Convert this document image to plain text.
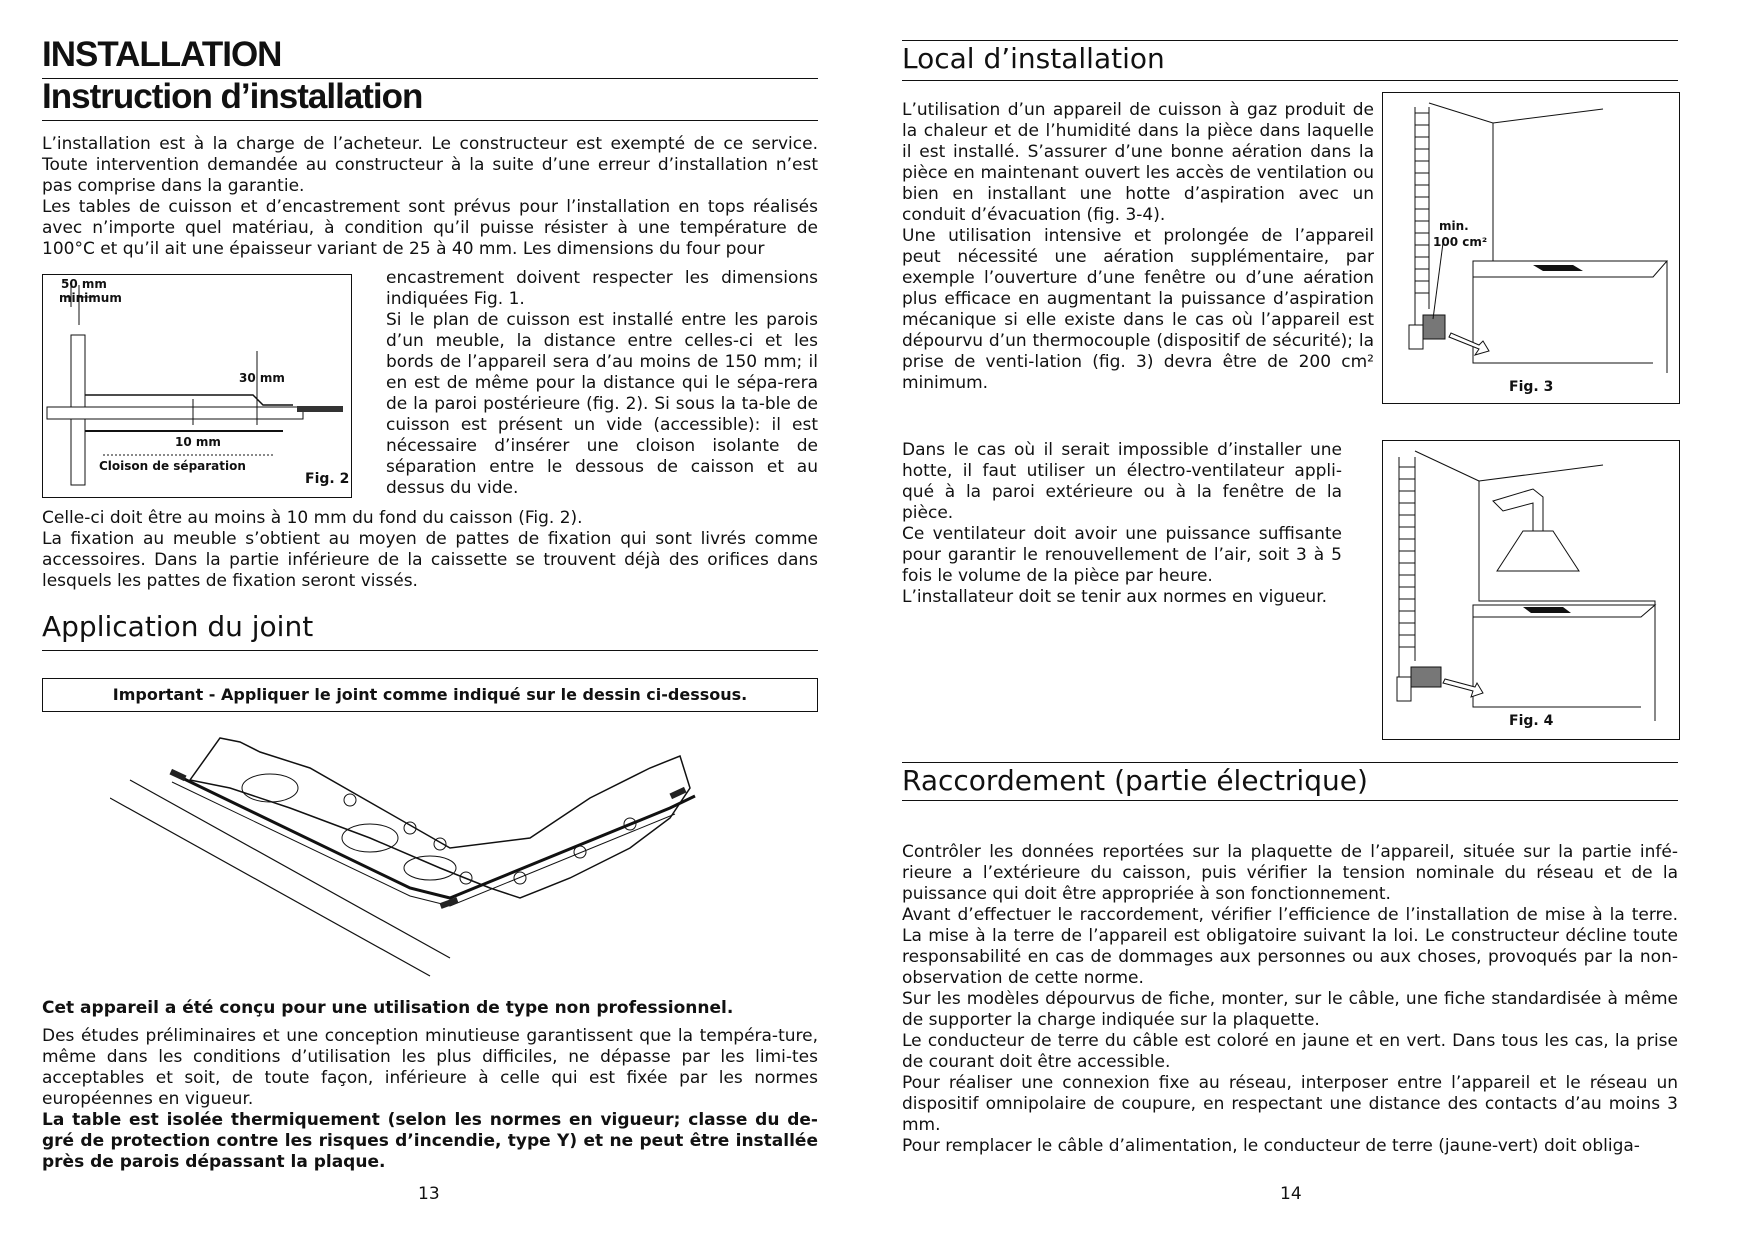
INSTALLATION
Instruction d’installation

L’installation est à la charge de l’acheteur. Le constructeur est exempté de ce service. Toute intervention demandée au constructeur à la suite d’une erreur d’installation n’est pas comprise dans la garantie.

Les tables de cuisson et d’encastrement sont prévus pour l’installation en tops réalisés avec n’importe quel matériau, à condition qu’il puisse résister à une température de 100°C et qu’il ait une épaisseur variant de 25 à 40 mm. Les dimensions du four pour

50 mm
minimum
30 mm
10 mm
Cloison de séparation
Fig. 2

encastrement doivent respecter les dimensions indiquées Fig. 1.

Si le plan de cuisson est installé entre les parois d’un meuble, la distance entre celles-ci et les bords de l’appareil sera d’au moins de 150 mm; il en est de même pour la distance qui le sépa-rera de la paroi postérieure (fig. 2). Si sous la ta-ble de cuisson est présent un vide (accessible): il est nécessaire d’insérer une cloison isolante de séparation entre le dessous de caisson et au dessus du vide.

Celle-ci doit être au moins à 10 mm du fond du caisson (Fig. 2).

La fixation au meuble s’obtient au moyen de pattes de fixation qui sont livrés comme accessoires. Dans la partie inférieure de la caissette se trouvent déjà des orifices dans lesquels les pattes de fixation seront vissés.

Application du joint
Important - Appliquer le joint comme indiqué sur le dessin ci-dessous.
Cet appareil a été conçu pour une utilisation de type non professionnel.

Des études préliminaires et une conception minutieuse garantissent que la tempéra-ture, même dans les conditions d’utilisation les plus difficiles, ne dépasse par les limi-tes acceptables et soit, de toute façon, inférieure à celle qui est fixée par les normes européennes en vigueur.

La table est isolée thermiquement (selon les normes en vigueur; classe du de-gré de protection contre les risques d’incendie, type Y) et ne peut être installée près de parois dépassant la plaque.

13
Local d’installation

L’utilisation d’un appareil de cuisson à gaz produit de la chaleur et de l’humidité dans la pièce dans laquelle il est installé. S’assurer d’une bonne aération dans la pièce en maintenant ouvert les accès de ventilation ou bien en installant une hotte d’aspiration avec un conduit d’évacuation (fig. 3-4).

Une utilisation intensive et prolongée de l’appareil peut nécessité une aération supplémentaire, par exemple l’ouverture d’une fenêtre ou d’une aération plus efficace en augmentant la puissance d’aspiration mécanique si elle existe dans le cas où l’appareil est dépourvu d’un thermocouple (dispositif de sécurité); la prise de venti-lation (fig. 3) devra être de 200 cm² minimum.

min.
100 cm²
Fig. 3

Dans le cas où il serait impossible d’installer une hotte, il faut utiliser un électro-ventilateur appli-qué à la paroi extérieure ou à la fenêtre de la pièce.

Ce ventilateur doit avoir une puissance suffisante pour garantir le renouvellement de l’air, soit 3 à 5 fois le volume de la pièce par heure.

L’installateur doit se tenir aux normes en vigueur.

Fig. 4
Raccordement (partie électrique)

Contrôler les données reportées sur la plaquette de l’appareil, située sur la partie infé-rieure a l’extérieure du caisson, puis vérifier la tension nominale du réseau et de la puissance qui doit être appropriée à son fonctionnement.

Avant d’effectuer le raccordement, vérifier l’efficience de l’installation de mise à la terre. La mise à la terre de l’appareil est obligatoire suivant la loi. Le constructeur décline toute responsabilité en cas de dommages aux personnes ou aux choses, provoqués par la non-observation de cette norme.

Sur les modèles dépourvus de fiche, monter, sur le câble, une fiche standardisée à même de supporter la charge indiquée sur la plaquette.

Le conducteur de terre du câble est coloré en jaune et en vert. Dans tous les cas, la prise de courant doit être accessible.

Pour réaliser une connexion fixe au réseau, interposer entre l’appareil et le réseau un dispositif omnipolaire de coupure, en respectant une distance des contacts d’au moins 3 mm.

Pour remplacer le câble d’alimentation, le conducteur de terre (jaune-vert) doit obliga-

14
